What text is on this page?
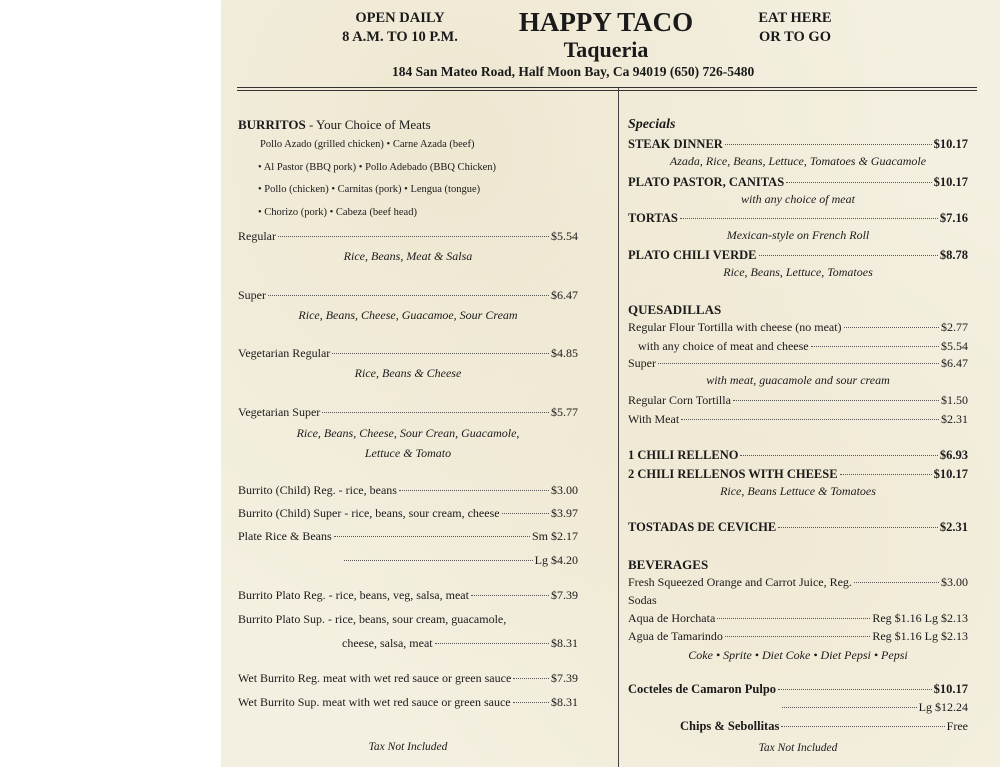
OPEN DAILY
8 A.M. TO 10 P.M.	HAPPY TACO
Taqueria
EAT HERE
OR TO GO
184 San Mateo Road, Half Moon Bay, Ca 94019 (650) 726-5480
BURRITOS - Your Choice of Meats
Pollo Azado (grilled chicken) • Carne Azada (beef)
• Al Pastor (BBQ pork) • Pollo Adebado (BBQ Chicken)
• Pollo (chicken) • Carnitas (pork) • Lengua (tongue)
• Chorizo (pork) • Cabeza (beef head)
Regular	$5.54
Rice, Beans, Meat & Salsa
Super	$6.47
Rice, Beans, Cheese, Guacamoe, Sour Cream
Vegetarian Regular	$4.85
Rice, Beans & Cheese
Vegetarian Super	$5.77
Rice, Beans, Cheese, Sour Crean, Guacamole,
Lettuce & Tomato
Burrito (Child) Reg. - rice, beans	$3.00
Burrito (Child) Super - rice, beans, sour cream, cheese	$3.97
Plate Rice & Beans	Sm $2.17
Lg $4.20
Burrito Plato Reg. - rice, beans, veg, salsa, meat	$7.39
Burrito Plato Sup. - rice, beans, sour cream, guacamole,
cheese, salsa, meat	$8.31
Wet Burrito Reg. meat with wet red sauce or green sauce	$7.39
Wet Burrito Sup. meat with wet red sauce or green sauce	$8.31
Tax Not Included
Specials
STEAK DINNER	$10.17
Azada, Rice, Beans, Lettuce, Tomatoes & Guacamole
PLATO PASTOR, CANITAS	$10.17
with any choice of meat
TORTAS	$7.16
Mexican-style on French Roll
PLATO CHILI VERDE	$8.78
Rice, Beans, Lettuce, Tomatoes
QUESADILLAS
Regular Flour Tortilla with cheese (no meat)	$2.77
with any choice of meat and cheese	$5.54
Super	$6.47
with meat, guacamole and sour cream
Regular Corn Tortilla	$1.50
With Meat	$2.31
1 CHILI RELLENO	$6.93
2 CHILI RELLENOS WITH CHEESE	$10.17
Rice, Beans Lettuce & Tomatoes
TOSTADAS DE CEVICHE	$2.31
BEVERAGES
Fresh Squeezed Orange and Carrot Juice, Reg.	$3.00
Sodas
Aqua de Horchata	Reg $1.16 Lg $2.13
Agua de Tamarindo	Reg $1.16 Lg $2.13
Coke • Sprite • Diet Coke • Diet Pepsi • Pepsi
Cocteles de Camaron Pulpo	$10.17
Lg $12.24
Chips & Sebollitas	Free
Tax Not Included
